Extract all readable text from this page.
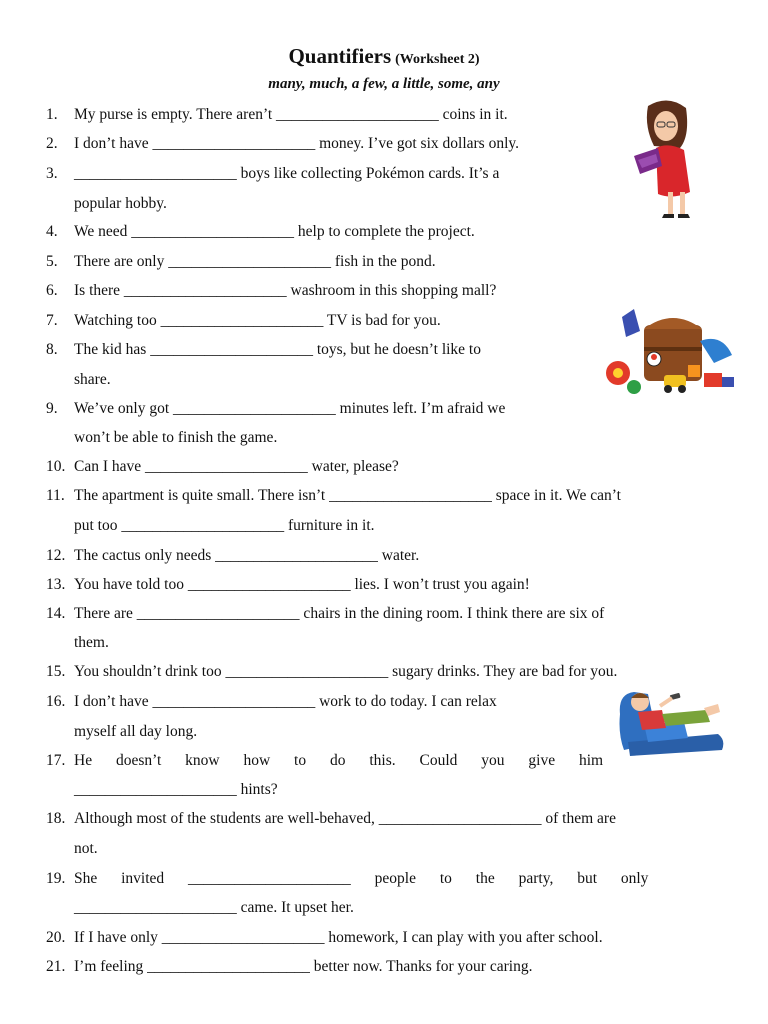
Quantifiers (Worksheet 2)
many, much, a few, a little, some, any
1.	My purse is empty. There aren’t _____________________ coins in it.
2.	I don’t have _____________________ money. I’ve got six dollars only.
3.	_____________________ boys like collecting Pokémon cards. It’s a
popular hobby.
4.	We need _____________________ help to complete the project.
5.	There are only _____________________ fish in the pond.
6.	Is there _____________________ washroom in this shopping mall?
7.	Watching too _____________________ TV is bad for you.
8.	The kid has _____________________ toys, but he doesn’t like to
share.
9.	We’ve only got _____________________ minutes left. I’m afraid we
won’t be able to finish the game.
10. Can I have _____________________ water, please?
11. The apartment is quite small. There isn’t _____________________ space in it. We can’t
put too _____________________ furniture in it.
12. The cactus only needs _____________________ water.
13. You have told too _____________________ lies. I won’t trust you again!
14. There are _____________________ chairs in the dining room. I think there are six of
them.
15. You shouldn’t drink too _____________________ sugary drinks. They are bad for you.
16. I don’t have _____________________ work to do today. I can relax
myself all day long.
17. He doesn’t know how to do this. Could you give him
_____________________ hints?
18. Although most of the students are well-behaved, _____________________ of them are
not.
19. She invited _____________________ people to the party, but only
_____________________ came. It upset her.
20. If I have only _____________________ homework, I can play with you after school.
21. I’m feeling _____________________ better now. Thanks for your caring.
